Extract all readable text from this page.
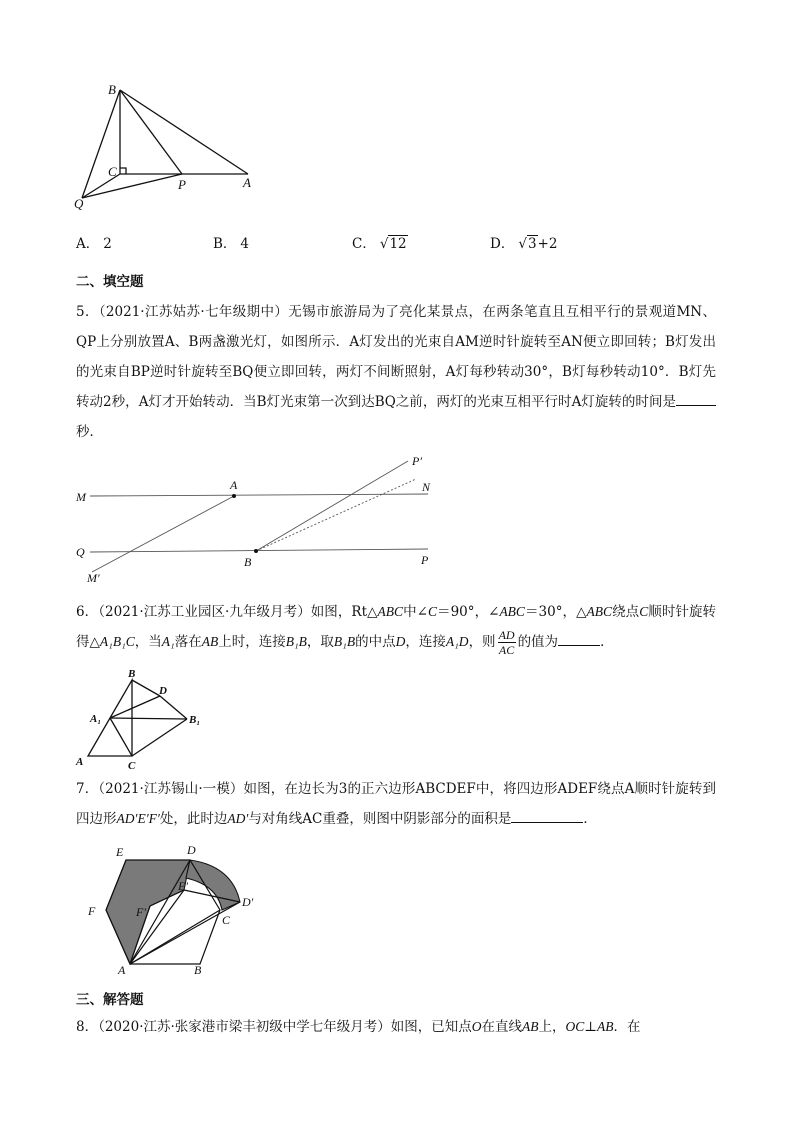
B
C
Q
P	A
A． 2	B． 4	C． √12	D． √3+2
二、填空题

5．（2021·江苏姑苏·七年级期中）无锡市旅游局为了亮化某景点，在两条笔直且互相平行的景观道MN、QP上分别放置A、B两盏激光灯，如图所示．A灯发出的光束自AM逆时针旋转至AN便立即回转；B灯发出的光束自BP逆时针旋转至BQ便立即回转，两灯不间断照射，A灯每秒转动30°，B灯每秒转动10°．B灯先转动2秒，A灯才开始转动．当B灯光束第一次到达BQ之前，两灯的光束互相平行时A灯旋转的时间是秒．

M
A
P′
N
Q
B	P
M′

6．（2021·江苏工业园区·九年级月考）如图，Rt△ABC中∠C＝90°，∠ABC＝30°，△ABC绕点C顺时针旋转得△A₁B₁C，当A₁落在AB上时，连接B₁B，取B₁B的中点D，连接A₁D，则 $\frac{AD}{AC}$ 的值为	．

B
D
A₁	B₁
A	C

7．（2021·江苏锡山·一模）如图，在边长为3的正六边形ABCDEF中，将四边形ADEF绕点A顺时针旋转到四边形AD′E′F′处，此时边AD′与对角线AC重叠，则图中阴影部分的面积是	．

E	D
E′
F	F′
C
D′
A	B
三、解答题

8．（2020·江苏·张家港市梁丰初级中学七年级月考）如图，已知点O在直线AB上，OC⊥AB．在
